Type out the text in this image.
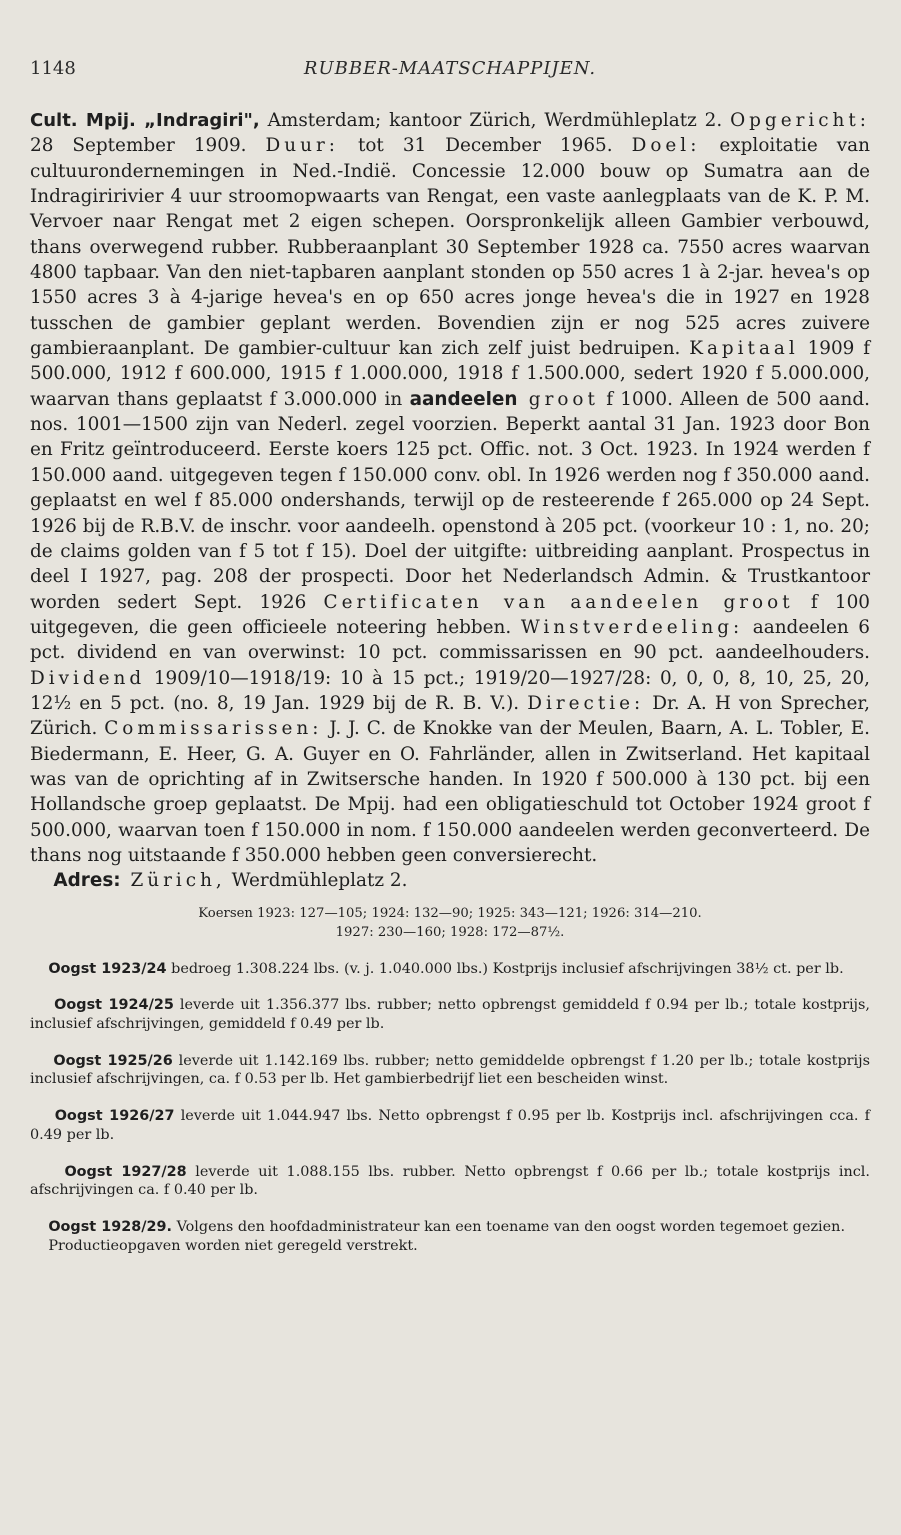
1148	RUBBER-MAATSCHAPPIJEN.
Cult. Mpij. „Indragiri", Amsterdam; kantoor Zürich, Werdmühleplatz 2. Opgericht: 28 September 1909. Duur: tot 31 December 1965. Doel: exploitatie van cultuurondernemingen in Ned.-Indië. Concessie 12.000 bouw op Sumatra aan de Indragiririvier 4 uur stroomopwaarts van Rengat, een vaste aanlegplaats van de K. P. M. Vervoer naar Rengat met 2 eigen schepen. Oorspronkelijk alleen Gambier verbouwd, thans overwegend rubber. Rubberaanplant 30 September 1928 ca. 7550 acres waarvan 4800 tapbaar. Van den niet-tapbaren aanplant stonden op 550 acres 1 à 2-jar. hevea's op 1550 acres 3 à 4-jarige hevea's en op 650 acres jonge hevea's die in 1927 en 1928 tusschen de gambier geplant werden. Bovendien zijn er nog 525 acres zuivere gambieraanplant. De gambier-cultuur kan zich zelf juist bedruipen. Kapitaal 1909 f 500.000, 1912 f 600.000, 1915 f 1.000.000, 1918 f 1.500.000, sedert 1920 f 5.000.000, waarvan thans geplaatst f 3.000.000 in aandeelen groot f 1000. Alleen de 500 aand. nos. 1001—1500 zijn van Nederl. zegel voorzien. Beperkt aantal 31 Jan. 1923 door Bon en Fritz geïntroduceerd. Eerste koers 125 pct. Offic. not. 3 Oct. 1923. In 1924 werden f 150.000 aand. uitgegeven tegen f 150.000 conv. obl. In 1926 werden nog f 350.000 aand. geplaatst en wel f 85.000 ondershands, terwijl op de resteerende f 265.000 op 24 Sept. 1926 bij de R.B.V. de inschr. voor aandeelh. openstond à 205 pct. (voorkeur 10 : 1, no. 20; de claims golden van f 5 tot f 15). Doel der uitgifte: uitbreiding aanplant. Prospectus in deel I 1927, pag. 208 der prospecti. Door het Nederlandsch Admin. & Trustkantoor worden sedert Sept. 1926 Certificaten van aandeelen groot f 100 uitgegeven, die geen officieele noteering hebben. Winstverdeeling: aandeelen 6 pct. dividend en van overwinst: 10 pct. commissarissen en 90 pct. aandeelhouders. Dividend 1909/10—1918/19: 10 à 15 pct.; 1919/20—1927/28: 0, 0, 0, 8, 10, 25, 20, 12½ en 5 pct. (no. 8, 19 Jan. 1929 bij de R. B. V.). Directie: Dr. A. H von Sprecher, Zürich. Commissarissen: J. J. C. de Knokke van der Meulen, Baarn, A. L. Tobler, E. Biedermann, E. Heer, G. A. Guyer en O. Fahrländer, allen in Zwitserland. Het kapitaal was van de oprichting af in Zwitsersche handen. In 1920 f 500.000 à 130 pct. bij een Hollandsche groep geplaatst. De Mpij. had een obligatieschuld tot October 1924 groot f 500.000, waarvan toen f 150.000 in nom. f 150.000 aandeelen werden geconverteerd. De thans nog uitstaande f 350.000 hebben geen conversierecht.
Adres: Zürich, Werdmühleplatz 2.
Koersen 1923: 127—105; 1924: 132—90; 1925: 343—121; 1926: 314—210.
1927: 230—160; 1928: 172—87½.
Oogst 1923/24 bedroeg 1.308.224 lbs. (v. j. 1.040.000 lbs.) Kostprijs inclusief afschrijvingen 38½ ct. per lb.
Oogst 1924/25 leverde uit 1.356.377 lbs. rubber; netto opbrengst gemiddeld f 0.94 per lb.; totale kostprijs, inclusief afschrijvingen, gemiddeld f 0.49 per lb.
Oogst 1925/26 leverde uit 1.142.169 lbs. rubber; netto gemiddelde opbrengst f 1.20 per lb.; totale kostprijs inclusief afschrijvingen, ca. f 0.53 per lb. Het gambierbedrijf liet een bescheiden winst.
Oogst 1926/27 leverde uit 1.044.947 lbs. Netto opbrengst f 0.95 per lb. Kostprijs incl. afschrijvingen cca. f 0.49 per lb.
Oogst 1927/28 leverde uit 1.088.155 lbs. rubber. Netto opbrengst f 0.66 per lb.; totale kostprijs incl. afschrijvingen ca. f 0.40 per lb.
Oogst 1928/29. Volgens den hoofdadministrateur kan een toename van den oogst worden tegemoet gezien.
Productieopgaven worden niet geregeld verstrekt.
